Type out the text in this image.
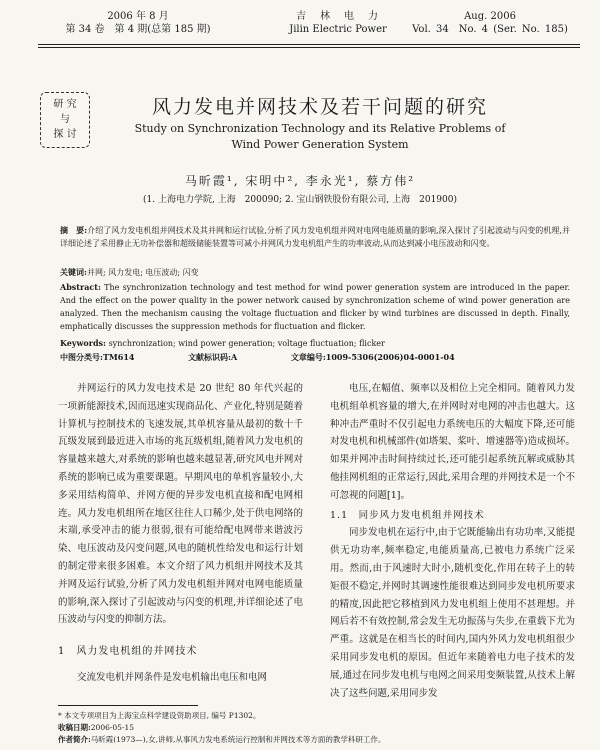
2006 年 8 月
第 34 卷　第 4 期(总第 185 期)
吉　林　电　力
Jilin Electric Power
Aug. 2006
Vol. 34　No. 4 (Ser. No. 185)
研 究
与
探 讨
风力发电并网技术及若干问题的研究
Study on Synchronization Technology and its Relative Problems of
Wind Power Generation System
马昕霞¹, 宋明中², 李永光¹, 蔡方伟²
(1. 上海电力学院, 上海　200090; 2. 宝山钢铁股份有限公司, 上海　201900)
摘　要:介绍了风力发电机组并网技术及其并网和运行试验,分析了风力发电机组并网对电网电能质量的影响,深入探讨了引起波动与闪变的机理,并详细论述了采用静止无功补偿器和超级储能装置等可减小并网风力发电机组产生的功率波动,从而达到减小电压波动和闪变。
关键词:并网; 风力发电; 电压波动; 闪变
Abstract: The synchronization technology and test method for wind power generation system are introduced in the paper. And the effect on the power quality in the power network caused by synchronization scheme of wind power generation are analyzed. Then the mechanism causing the voltage fluctuation and flicker by wind turbines are discussed in depth. Finally, emphatically discusses the suppression methods for fluctuation and flicker.
Keywords: synchronization; wind power generation; voltage fluctuation; flicker
中图分类号:TM614	文献标识码:A	文章编号:1009-5306(2006)04-0001-04

并网运行的风力发电技术是 20 世纪 80 年代兴起的一项新能源技术,因而迅速实现商品化、产业化,特别是随着计算机与控制技术的飞速发展,其单机容量从最初的数十千瓦级发展到最近进入市场的兆瓦级机组,随着风力发电机的容量越来越大,对系统的影响也越来越显著,研究风电并网对系统的影响已成为重要课题。早期风电的单机容量较小,大多采用结构简单、并网方便的异步发电机直接和配电网相连。风力发电机组所在地区往往人口稀少,处于供电网络的末端,承受冲击的能力很弱,很有可能给配电网带来谐波污染、电压波动及闪变问题,风电的随机性给发电和运行计划的制定带来很多困难。本文介绍了风力机组并网技术及其并网及运行试验,分析了风力发电机组并网对电网电能质量的影响,深入探讨了引起波动与闪变的机理,并详细论述了电压波动与闪变的抑制方法。

1　风力发电机组的并网技术

交流发电机并网条件是发电机输出电压和电网

电压,在幅值、频率以及相位上完全相同。随着风力发电机组单机容量的增大,在并网时对电网的冲击也越大。这种冲击严重时不仅引起电力系统电压的大幅度下降,还可能对发电机和机械部件(如塔架、桨叶、增速器等)造成损坏。如果并网冲击时间持续过长,还可能引起系统瓦解或威胁其他挂网机组的正常运行,因此,采用合理的并网技术是一个不可忽视的问题[1]。

1.1　同步风力发电机组并网技术

同步发电机在运行中,由于它既能输出有功功率,又能提供无功功率,频率稳定,电能质量高,已被电力系统广泛采用。然而,由于风速时大时小,随机变化,作用在转子上的转矩很不稳定,并网时其调速性能很难达到同步发电机所要求的精度,因此把它移植到风力发电机组上使用不甚理想。并网后若不有效控制,常会发生无功振荡与失步,在重载下尤为严重。这就是在相当长的时间内,国内外风力发电机组很少采用同步发电机的原因。但近年来随着电力电子技术的发展,通过在同步发电机与电网之间采用变频装置,从技术上解决了这些问题,采用同步发

* 本文专项项目为上海宝点科学建设资助项目, 编号 P1302。
收稿日期:2006-05-15
作者简介:马昕霞(1973—),女,讲师,从事风力发电系统运行控制和并网技术等方面的教学科研工作。
